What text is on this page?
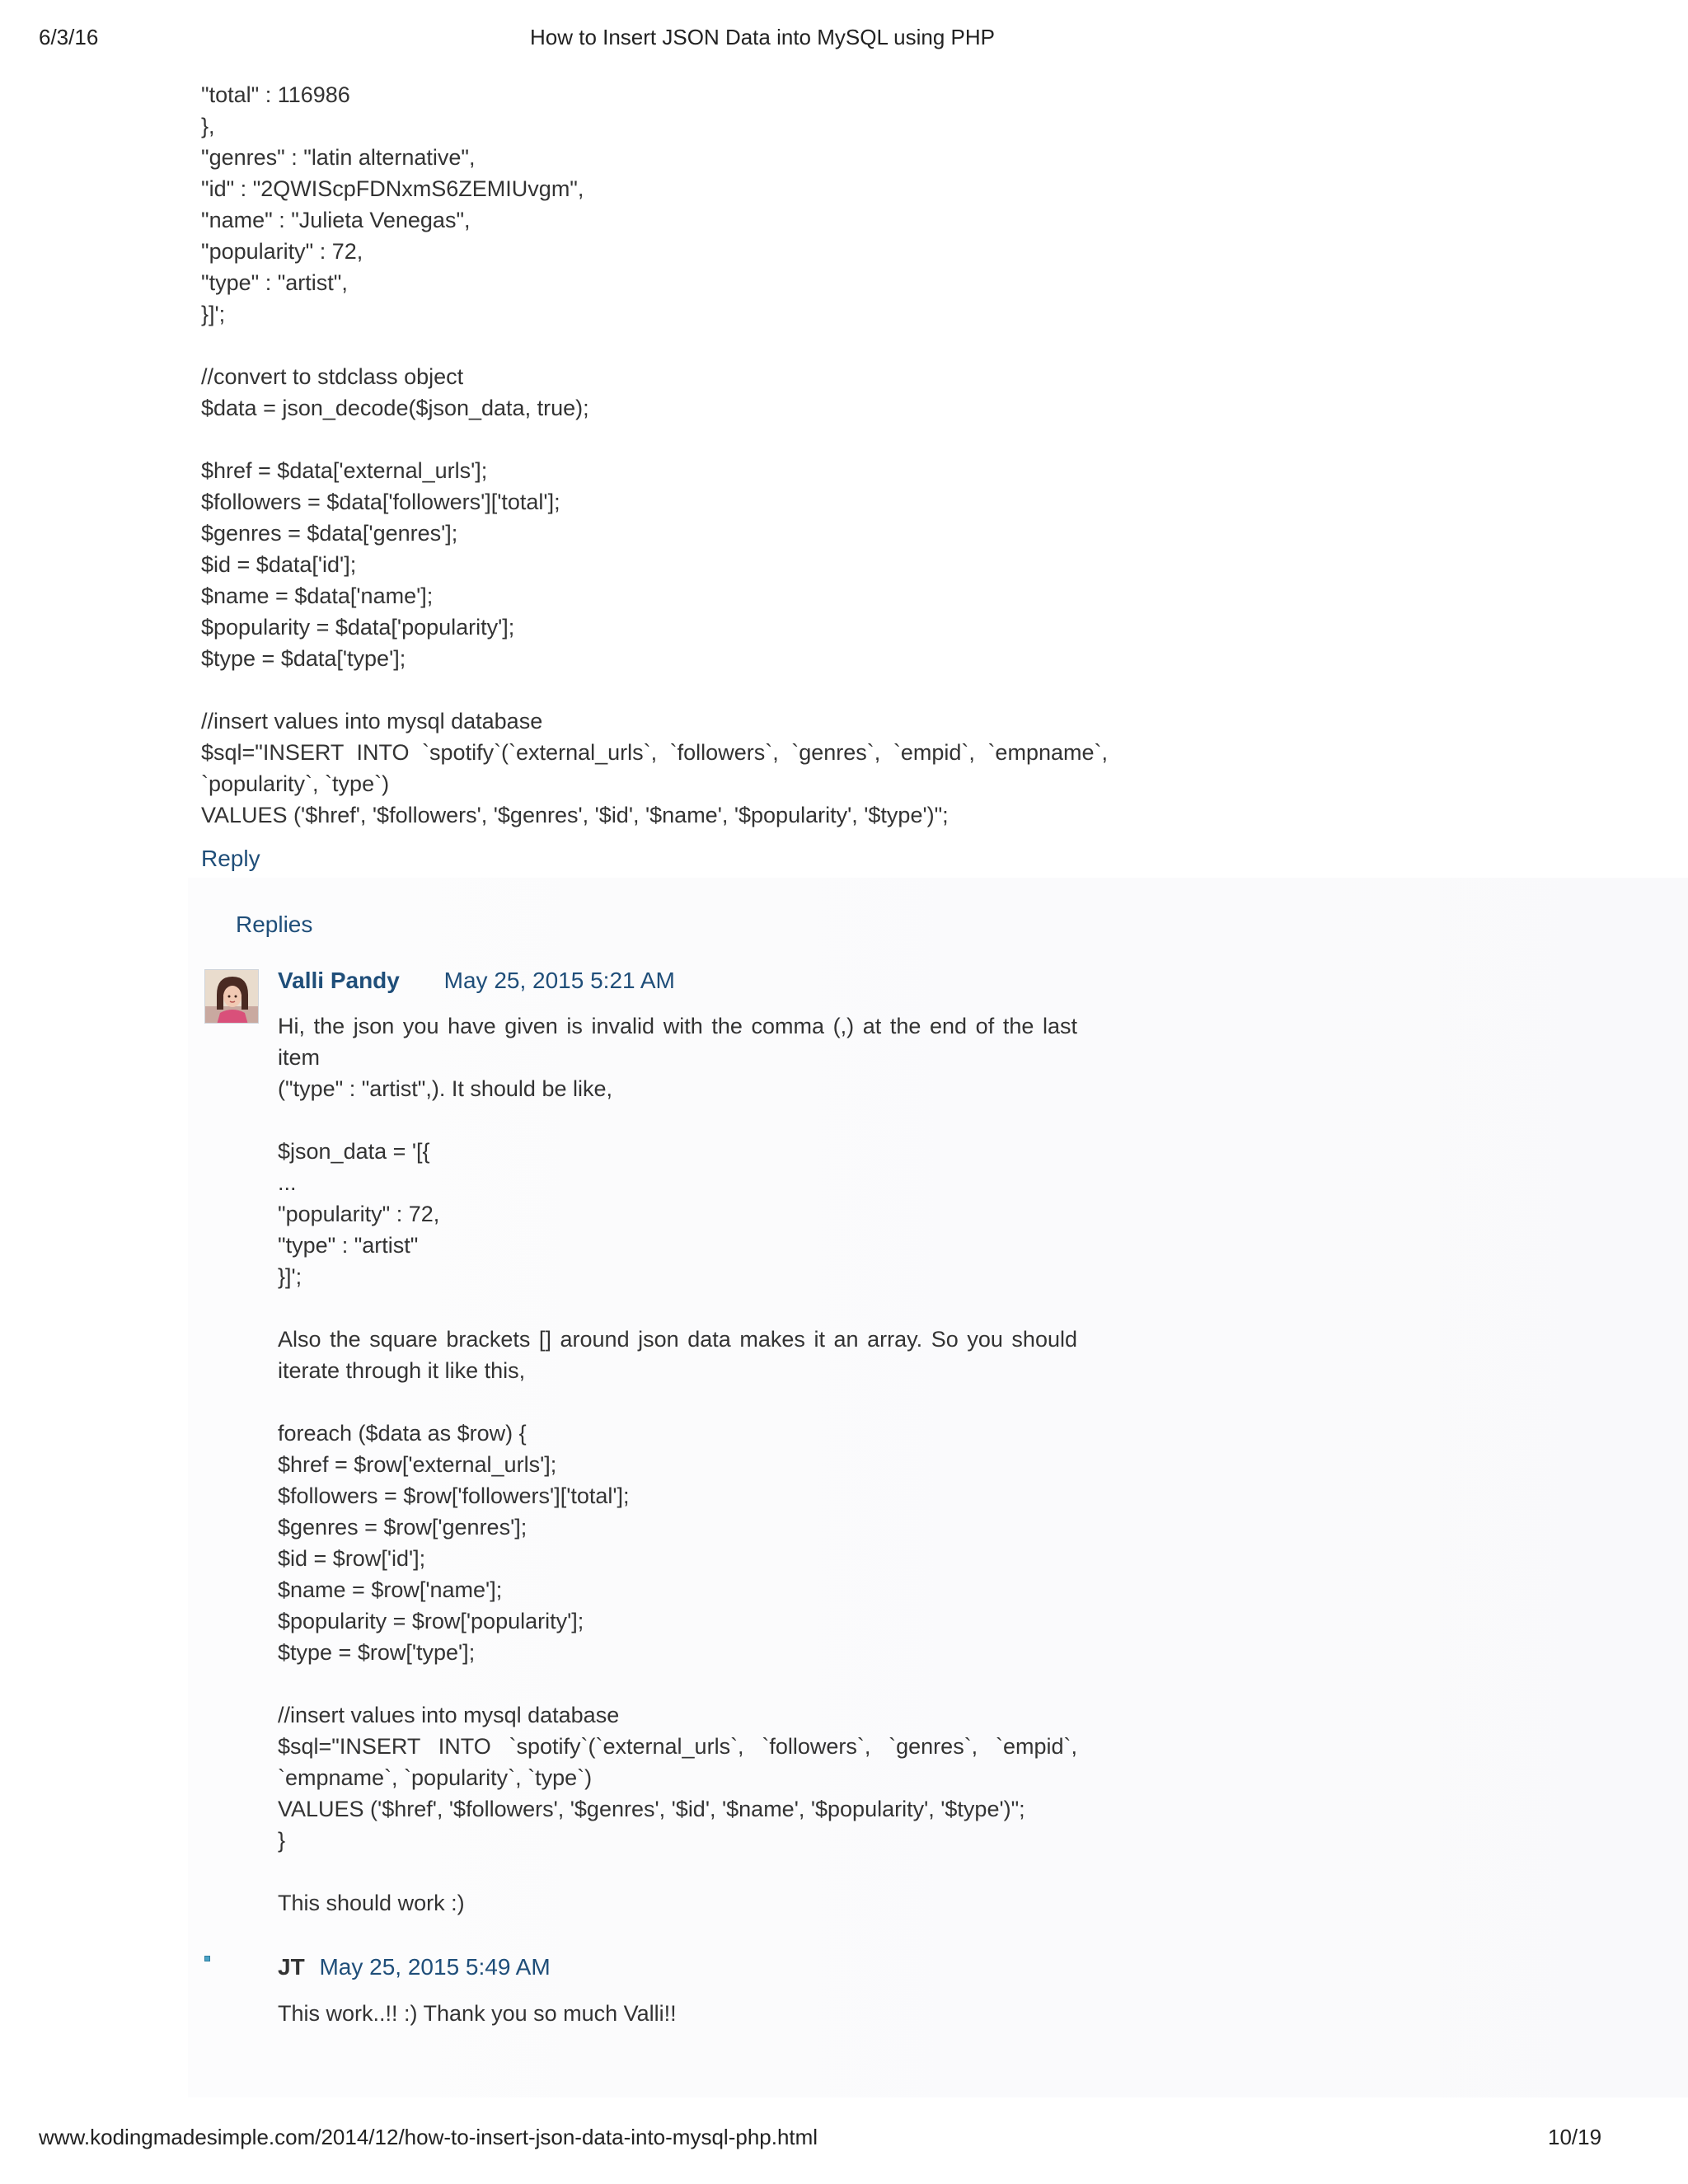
6/3/16	How to Insert JSON Data into MySQL using PHP
"total" : 116986
},
"genres" : "latin alternative",
"id" : "2QWIScpFDNxmS6ZEMIUvgm",
"name" : "Julieta Venegas",
"popularity" : 72,
"type" : "artist",
}]';
//convert to stdclass object
$data = json_decode($json_data, true);
$href = $data['external_urls'];
$followers = $data['followers']['total'];
$genres = $data['genres'];
$id = $data['id'];
$name = $data['name'];
$popularity = $data['popularity'];
$type = $data['type'];
//insert values into mysql database
$sql="INSERT INTO `spotify`(`external_urls`, `followers`, `genres`, `empid`, `empname`,
`popularity`, `type`)
VALUES ('$href', '$followers', '$genres', '$id', '$name', '$popularity', '$type')";
Reply
Replies
Valli Pandy May 25, 2015 5:21 AM
Hi, the json you have given is invalid with the comma (,) at the end of the last item
("type" : "artist",). It should be like,
$json_data = '[{
...
"popularity" : 72,
"type" : "artist"
}]';
Also the square brackets [] around json data makes it an array. So you should
iterate through it like this,
foreach ($data as $row) {
$href = $row['external_urls'];
$followers = $row['followers']['total'];
$genres = $row['genres'];
$id = $row['id'];
$name = $row['name'];
$popularity = $row['popularity'];
$type = $row['type'];
//insert values into mysql database
$sql="INSERT INTO `spotify`(`external_urls`, `followers`, `genres`, `empid`,
`empname`, `popularity`, `type`)
VALUES ('$href', '$followers', '$genres', '$id', '$name', '$popularity', '$type')";
}
This should work :)
JT May 25, 2015 5:49 AM
This work..!! :) Thank you so much Valli!!
www.kodingmadesimple.com/2014/12/how-to-insert-json-data-into-mysql-php.html	10/19
